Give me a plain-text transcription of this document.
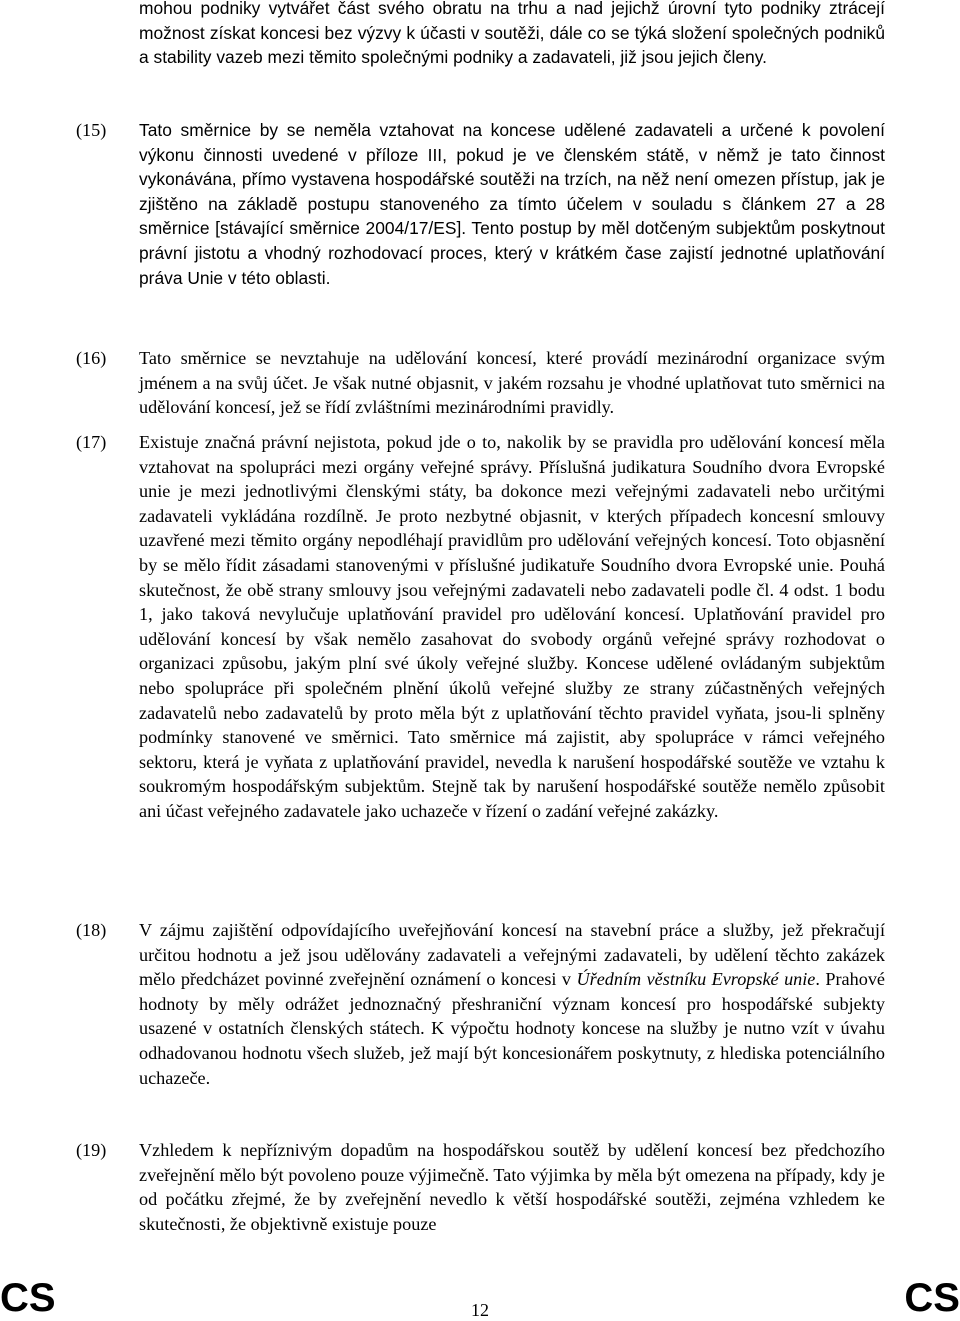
mohou podniky vytvářet část svého obratu na trhu a nad jejichž úrovní tyto podniky ztrácejí možnost získat koncesi bez výzvy k účasti v soutěži, dále co se týká složení společných podniků a stability vazeb mezi těmito společnými podniky a zadavateli, již jsou jejich členy.
(15) Tato směrnice by se neměla vztahovat na koncese udělené zadavateli a určené k povolení výkonu činnosti uvedené v příloze III, pokud je ve členském státě, v němž je tato činnost vykonávána, přímo vystavena hospodářské soutěži na trzích, na něž není omezen přístup, jak je zjištěno na základě postupu stanoveného za tímto účelem v souladu s článkem 27 a 28 směrnice [stávající směrnice 2004/17/ES]. Tento postup by měl dotčeným subjektům poskytnout právní jistotu a vhodný rozhodovací proces, který v krátkém čase zajistí jednotné uplatňování práva Unie v této oblasti.
(16) Tato směrnice se nevztahuje na udělování koncesí, které provádí mezinárodní organizace svým jménem a na svůj účet. Je však nutné objasnit, v jakém rozsahu je vhodné uplatňovat tuto směrnici na udělování koncesí, jež se řídí zvláštními mezinárodními pravidly.
(17) Existuje značná právní nejistota, pokud jde o to, nakolik by se pravidla pro udělování koncesí měla vztahovat na spolupráci mezi orgány veřejné správy. Příslušná judikatura Soudního dvora Evropské unie je mezi jednotlivými členskými státy, ba dokonce mezi veřejnými zadavateli nebo určitými zadavateli vykládána rozdílně. Je proto nezbytné objasnit, v kterých případech koncesní smlouvy uzavřené mezi těmito orgány nepodléhají pravidlům pro udělování veřejných koncesí. Toto objasnění by se mělo řídit zásadami stanovenými v příslušné judikatuře Soudního dvora Evropské unie. Pouhá skutečnost, že obě strany smlouvy jsou veřejnými zadavateli nebo zadavateli podle čl. 4 odst. 1 bodu 1, jako taková nevylučuje uplatňování pravidel pro udělování koncesí. Uplatňování pravidel pro udělování koncesí by však nemělo zasahovat do svobody orgánů veřejné správy rozhodovat o organizaci způsobu, jakým plní své úkoly veřejné služby. Koncese udělené ovládaným subjektům nebo spolupráce při společném plnění úkolů veřejné služby ze strany zúčastněných veřejných zadavatelů nebo zadavatelů by proto měla být z uplatňování těchto pravidel vyňata, jsou-li splněny podmínky stanovené ve směrnici. Tato směrnice má zajistit, aby spolupráce v rámci veřejného sektoru, která je vyňata z uplatňování pravidel, nevedla k narušení hospodářské soutěže ve vztahu k soukromým hospodářským subjektům. Stejně tak by narušení hospodářské soutěže nemělo způsobit ani účast veřejného zadavatele jako uchazeče v řízení o zadání veřejné zakázky.
(18) V zájmu zajištění odpovídajícího uveřejňování koncesí na stavební práce a služby, jež překračují určitou hodnotu a jež jsou udělovány zadavateli a veřejnými zadavateli, by udělení těchto zakázek mělo předcházet povinné zveřejnění oznámení o koncesi v Úředním věstníku Evropské unie. Prahové hodnoty by měly odrážet jednoznačný přeshraniční význam koncesí pro hospodářské subjekty usazené v ostatních členských státech. K výpočtu hodnoty koncese na služby je nutno vzít v úvahu odhadovanou hodnotu všech služeb, jež mají být koncesionářem poskytnuty, z hlediska potenciálního uchazeče.
(19) Vzhledem k nepříznivým dopadům na hospodářskou soutěž by udělení koncesí bez předchozího zveřejnění mělo být povoleno pouze výjimečně. Tato výjimka by měla být omezena na případy, kdy je od počátku zřejmé, že by zveřejnění nevedlo k větší hospodářské soutěži, zejména vzhledem ke skutečnosti, že objektivně existuje pouze
CS	12	CS
